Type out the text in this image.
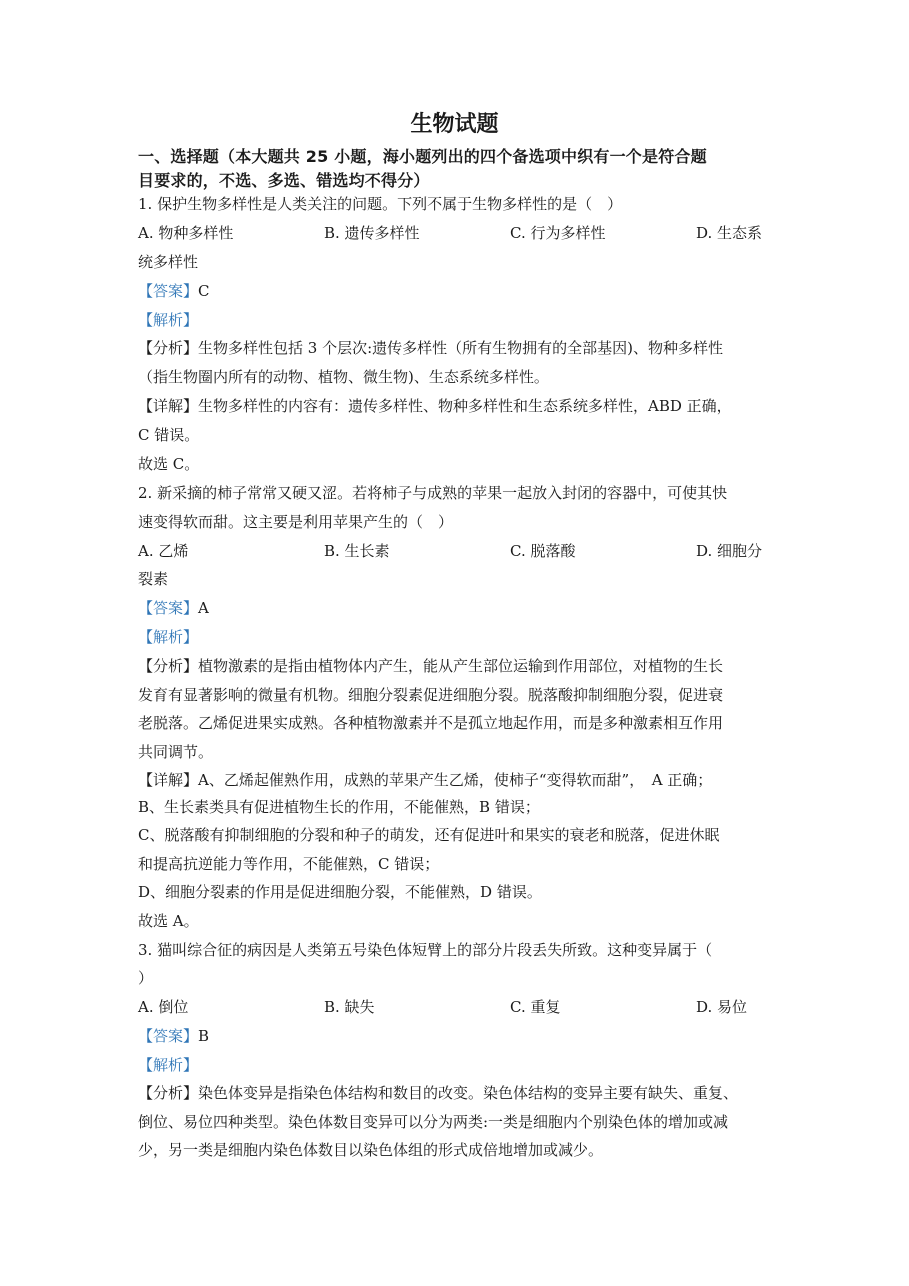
生物试题
一、选择题（本大题共 25 小题，海小题列出的四个备选项中织有一个是符合题
目要求的，不选、多选、错选均不得分）
1. 保护生物多样性是人类关注的问题。下列不属于生物多样性的是（　）
A. 物种多样性	B. 遗传多样性	C. 行为多样性	D. 生态系
统多样性
【答案】C
【解析】
【分析】生物多样性包括 3 个层次:遗传多样性（所有生物拥有的全部基因)、物种多样性
（指生物圈内所有的动物、植物、微生物)、生态系统多样性。
【详解】生物多样性的内容有：遗传多样性、物种多样性和生态系统多样性，ABD 正确，
C 错误。
故选 C。
2. 新采摘的柿子常常又硬又涩。若将柿子与成熟的苹果一起放入封闭的容器中，可使其快
速变得软而甜。这主要是利用苹果产生的（　）
A. 乙烯	B. 生长素	C. 脱落酸	D. 细胞分
裂素
【答案】A
【解析】
【分析】植物激素的是指由植物体内产生，能从产生部位运输到作用部位，对植物的生长
发育有显著影响的微量有机物。细胞分裂素促进细胞分裂。脱落酸抑制细胞分裂，促进衰
老脱落。乙烯促进果实成熟。各种植物激素并不是孤立地起作用，而是多种激素相互作用
共同调节。
【详解】A、乙烯起催熟作用，成熟的苹果产生乙烯，使柿子“变得软而甜”，　A 正确；
B、生长素类具有促进植物生长的作用，不能催熟，B 错误；
C、脱落酸有抑制细胞的分裂和种子的萌发，还有促进叶和果实的衰老和脱落，促进休眠
和提高抗逆能力等作用，不能催熟，C 错误；
D、细胞分裂素的作用是促进细胞分裂，不能催熟，D 错误。
故选 A。
3. 猫叫综合征的病因是人类第五号染色体短臂上的部分片段丢失所致。这种变异属于（
）
A. 倒位	B. 缺失	C. 重复	D. 易位
【答案】B
【解析】
【分析】染色体变异是指染色体结构和数目的改变。染色体结构的变异主要有缺失、重复、
倒位、易位四种类型。染色体数目变异可以分为两类:一类是细胞内个别染色体的增加或减
少，另一类是细胞内染色体数目以染色体组的形式成倍地增加或减少。
